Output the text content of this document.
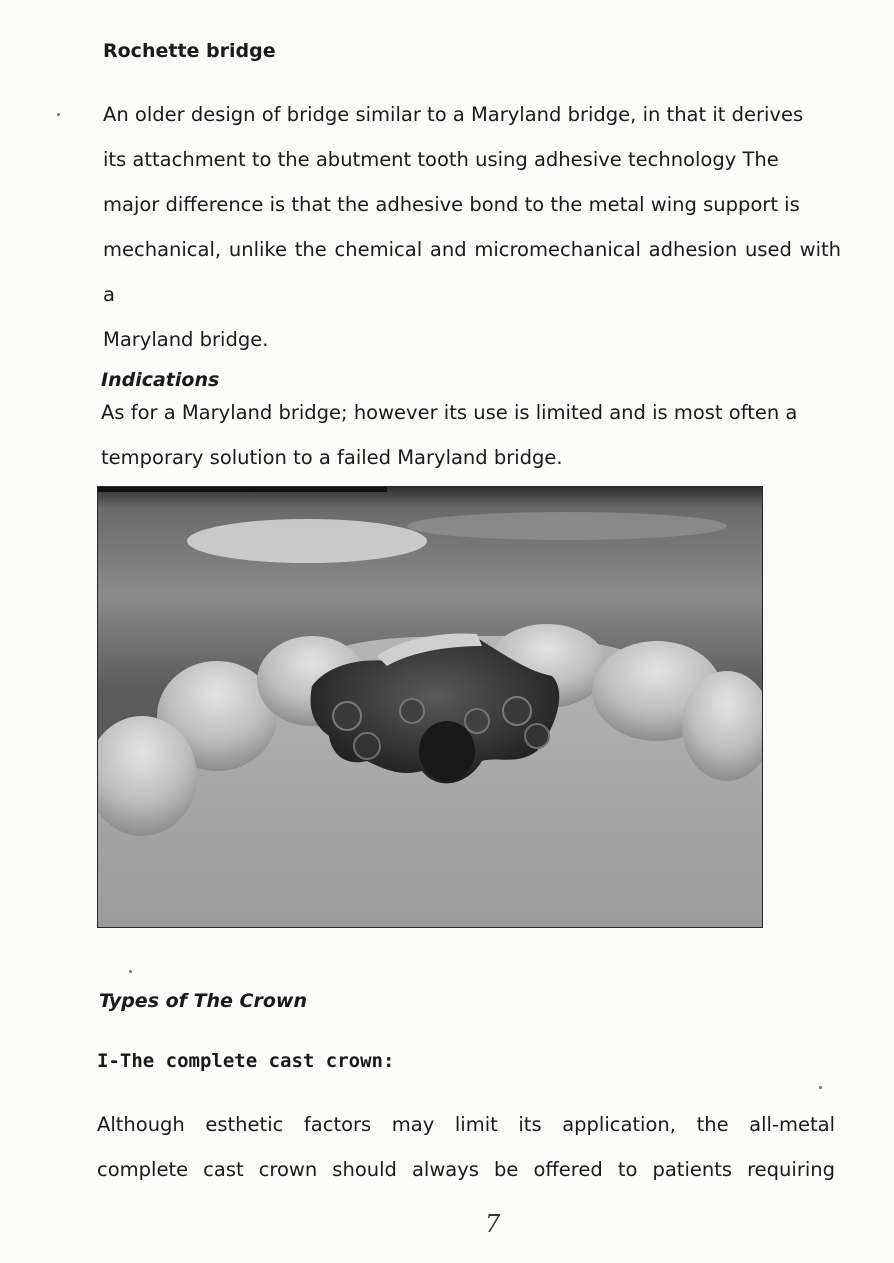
Rochette bridge

An older design of bridge similar to a Maryland bridge, in that it derives

its attachment to the abutment tooth using adhesive technology The

major difference is that the adhesive bond to the metal wing support is

mechanical, unlike the chemical and micromechanical adhesion used with a

Maryland bridge.

Indications

As for a Maryland bridge; however its use is limited and is most often a

temporary solution to a failed Maryland bridge.

Types of The Crown
I-The complete cast crown:

Although esthetic factors may limit its application, the all-metal

complete cast crown should always be offered to patients requiring

7
